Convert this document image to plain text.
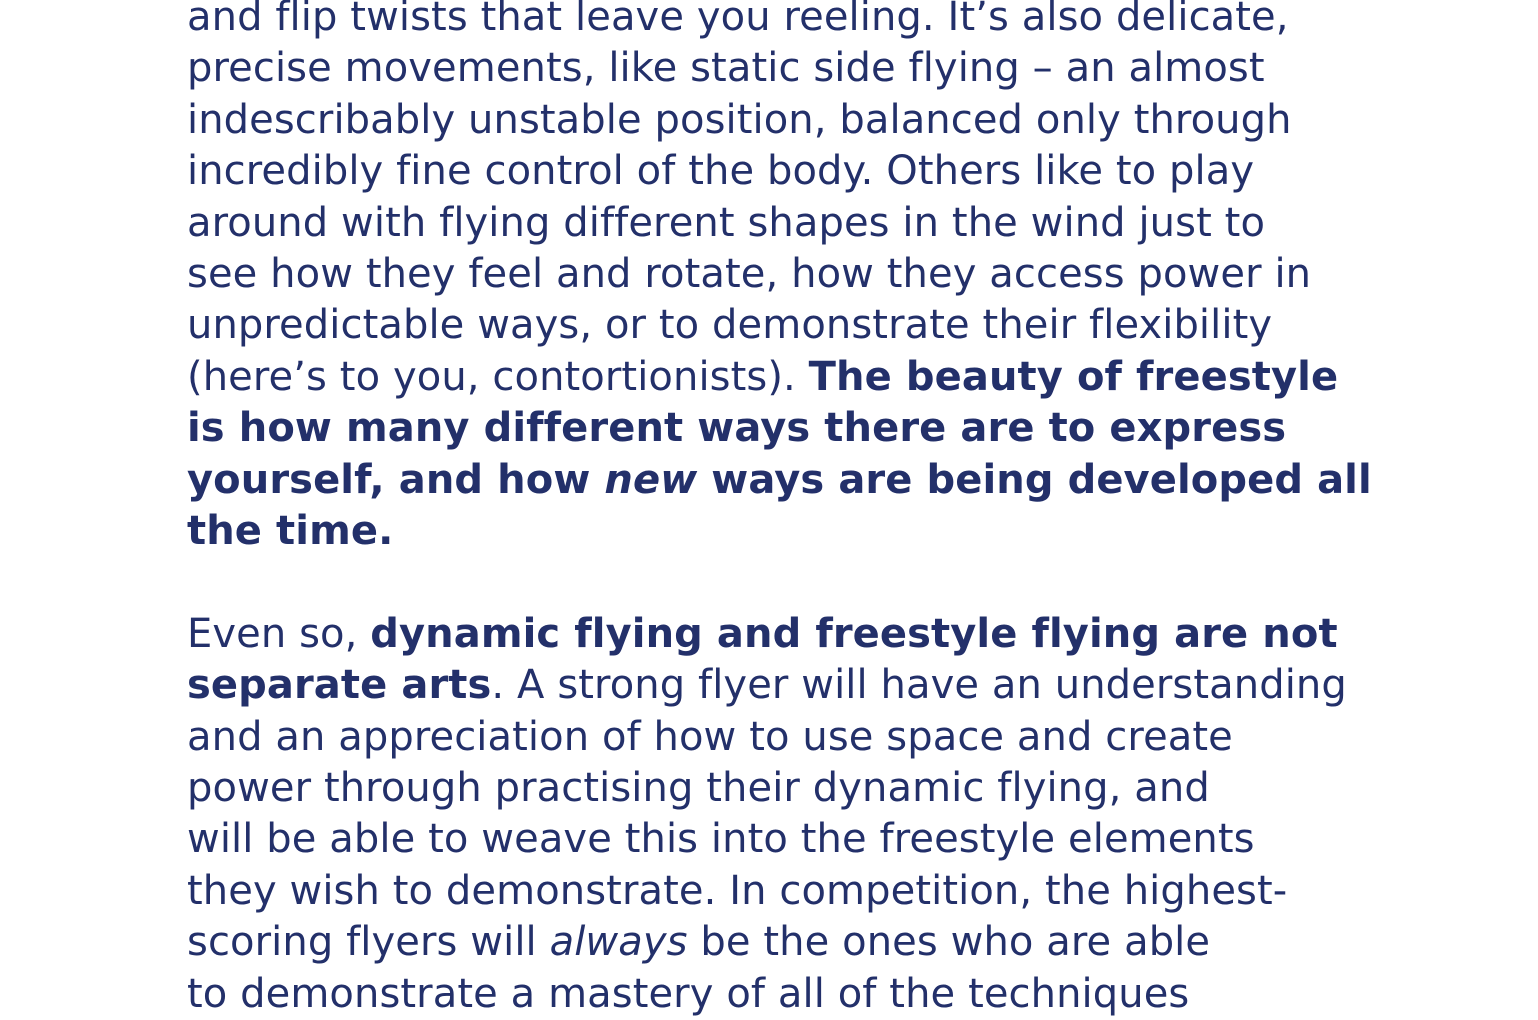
and flip twists that leave you reeling. It’s also delicate,
precise movements, like static side flying – an almost
indescribably unstable position, balanced only through
incredibly fine control of the body. Others like to play
around with flying different shapes in the wind just to
see how they feel and rotate, how they access power in
unpredictable ways, or to demonstrate their flexibility
(here’s to you, contortionists). The beauty of freestyle
is how many different ways there are to express
yourself, and how new ways are being developed all
the time.

Even so, dynamic flying and freestyle flying are not
separate arts. A strong flyer will have an understanding
and an appreciation of how to use space and create
power through practising their dynamic flying, and
will be able to weave this into the freestyle elements
they wish to demonstrate. In competition, the highest-
scoring flyers will always be the ones who are able
to demonstrate a mastery of all of the techniques
